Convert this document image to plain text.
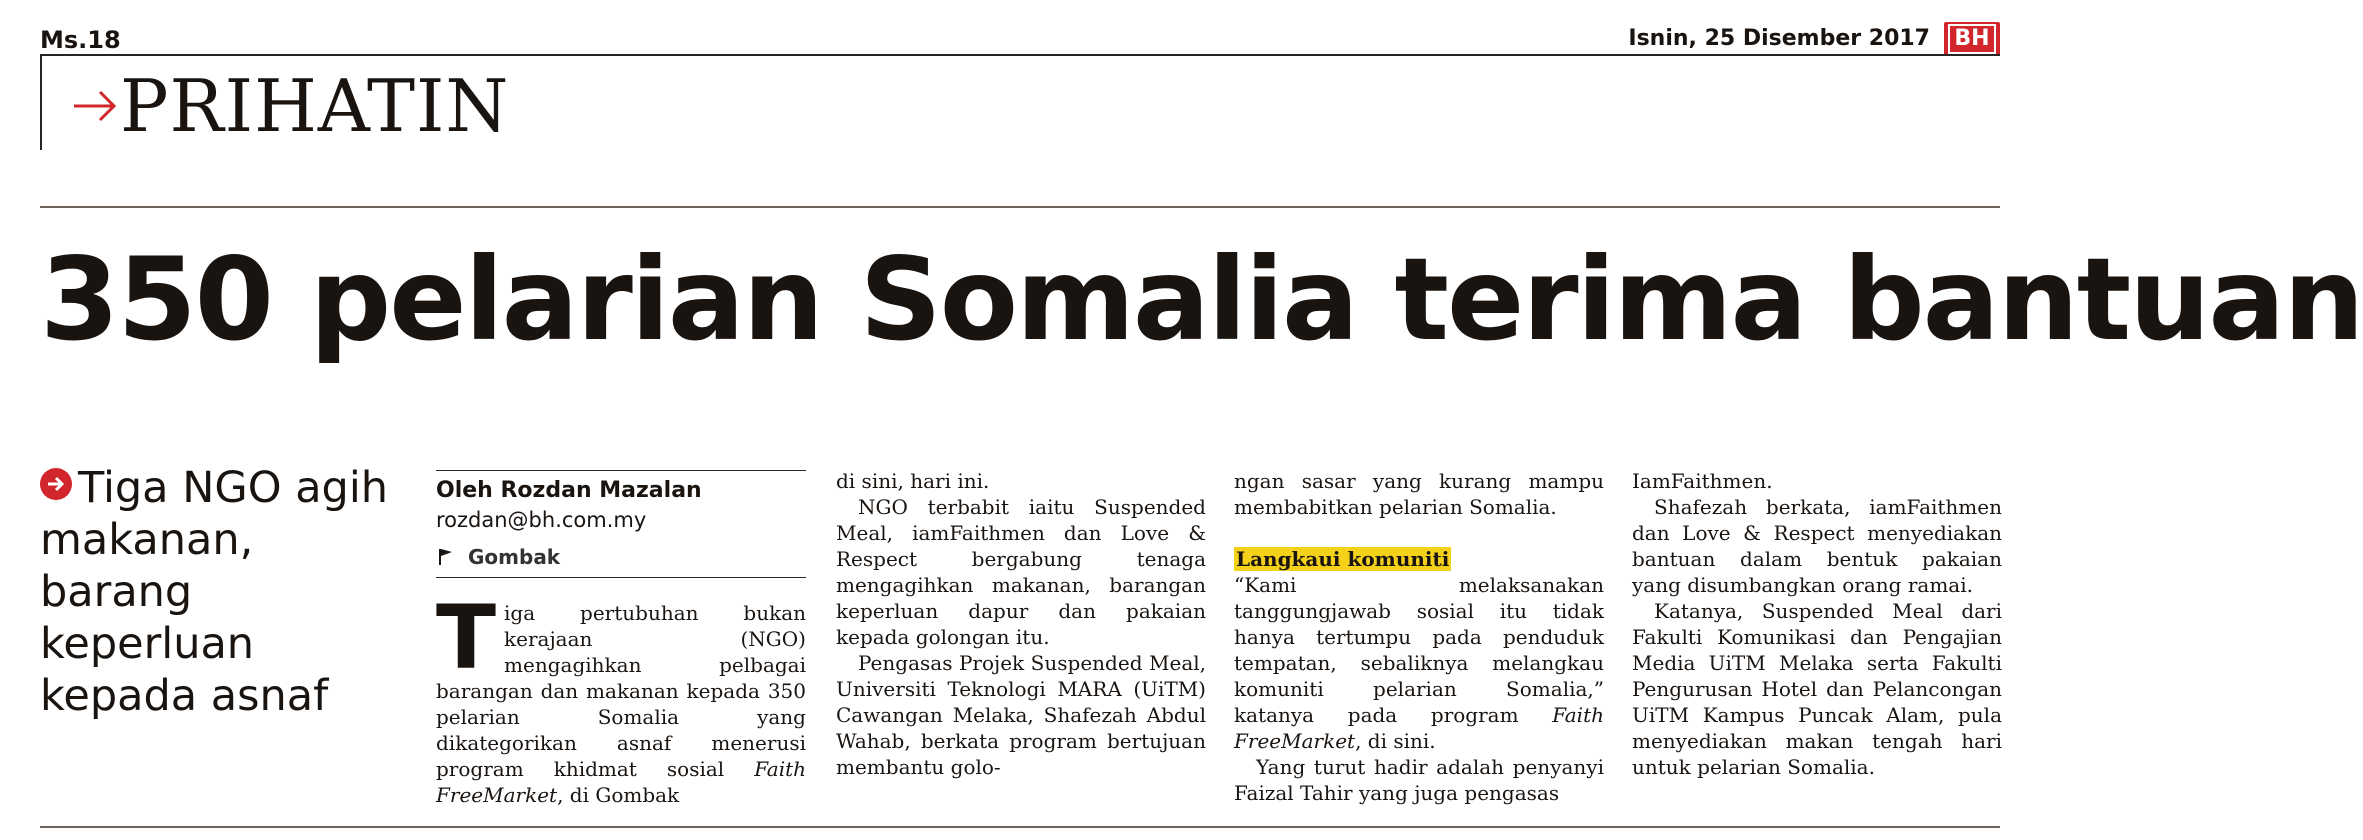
Ms.18	Isnin, 25 Disember 2017 BH
PRIHATIN
350 pelarian Somalia terima bantuan
Tiga NGO agih makanan, barang keperluan kepada asnaf
Oleh Rozdan Mazalan
rozdan@bh.com.my
Gombak

Tiga pertubuhan bukan kerajaan (NGO) mengagihkan pelbagai barangan dan makanan kepada 350 pelarian Somalia yang dikategorikan asnaf menerusi program khidmat sosial Faith FreeMarket, di Gombak

di sini, hari ini.

NGO terbabit iaitu Suspended Meal, iamFaithmen dan Love & Respect bergabung tenaga mengagihkan makanan, barangan keperluan dapur dan pakaian kepada golongan itu.

Pengasas Projek Suspended Meal, Universiti Teknologi MARA (UiTM) Cawangan Melaka, Shafezah Abdul Wahab, berkata program bertujuan membantu golo-

ngan sasar yang kurang mampu membabitkan pelarian Somalia.

Langkaui komuniti

“Kami melaksanakan tanggungjawab sosial itu tidak hanya tertumpu pada penduduk tempatan, sebaliknya melangkau komuniti pelarian Somalia,” katanya pada program Faith FreeMarket, di sini.

Yang turut hadir adalah penyanyi Faizal Tahir yang juga pengasas

IamFaithmen.

Shafezah berkata, iamFaithmen dan Love & Respect menyediakan bantuan dalam bentuk pakaian yang disumbangkan orang ramai.

Katanya, Suspended Meal dari Fakulti Komunikasi dan Pengajian Media UiTM Melaka serta Fakulti Pengurusan Hotel dan Pelancongan UiTM Kampus Puncak Alam, pula menyediakan makan tengah hari untuk pelarian Somalia.
